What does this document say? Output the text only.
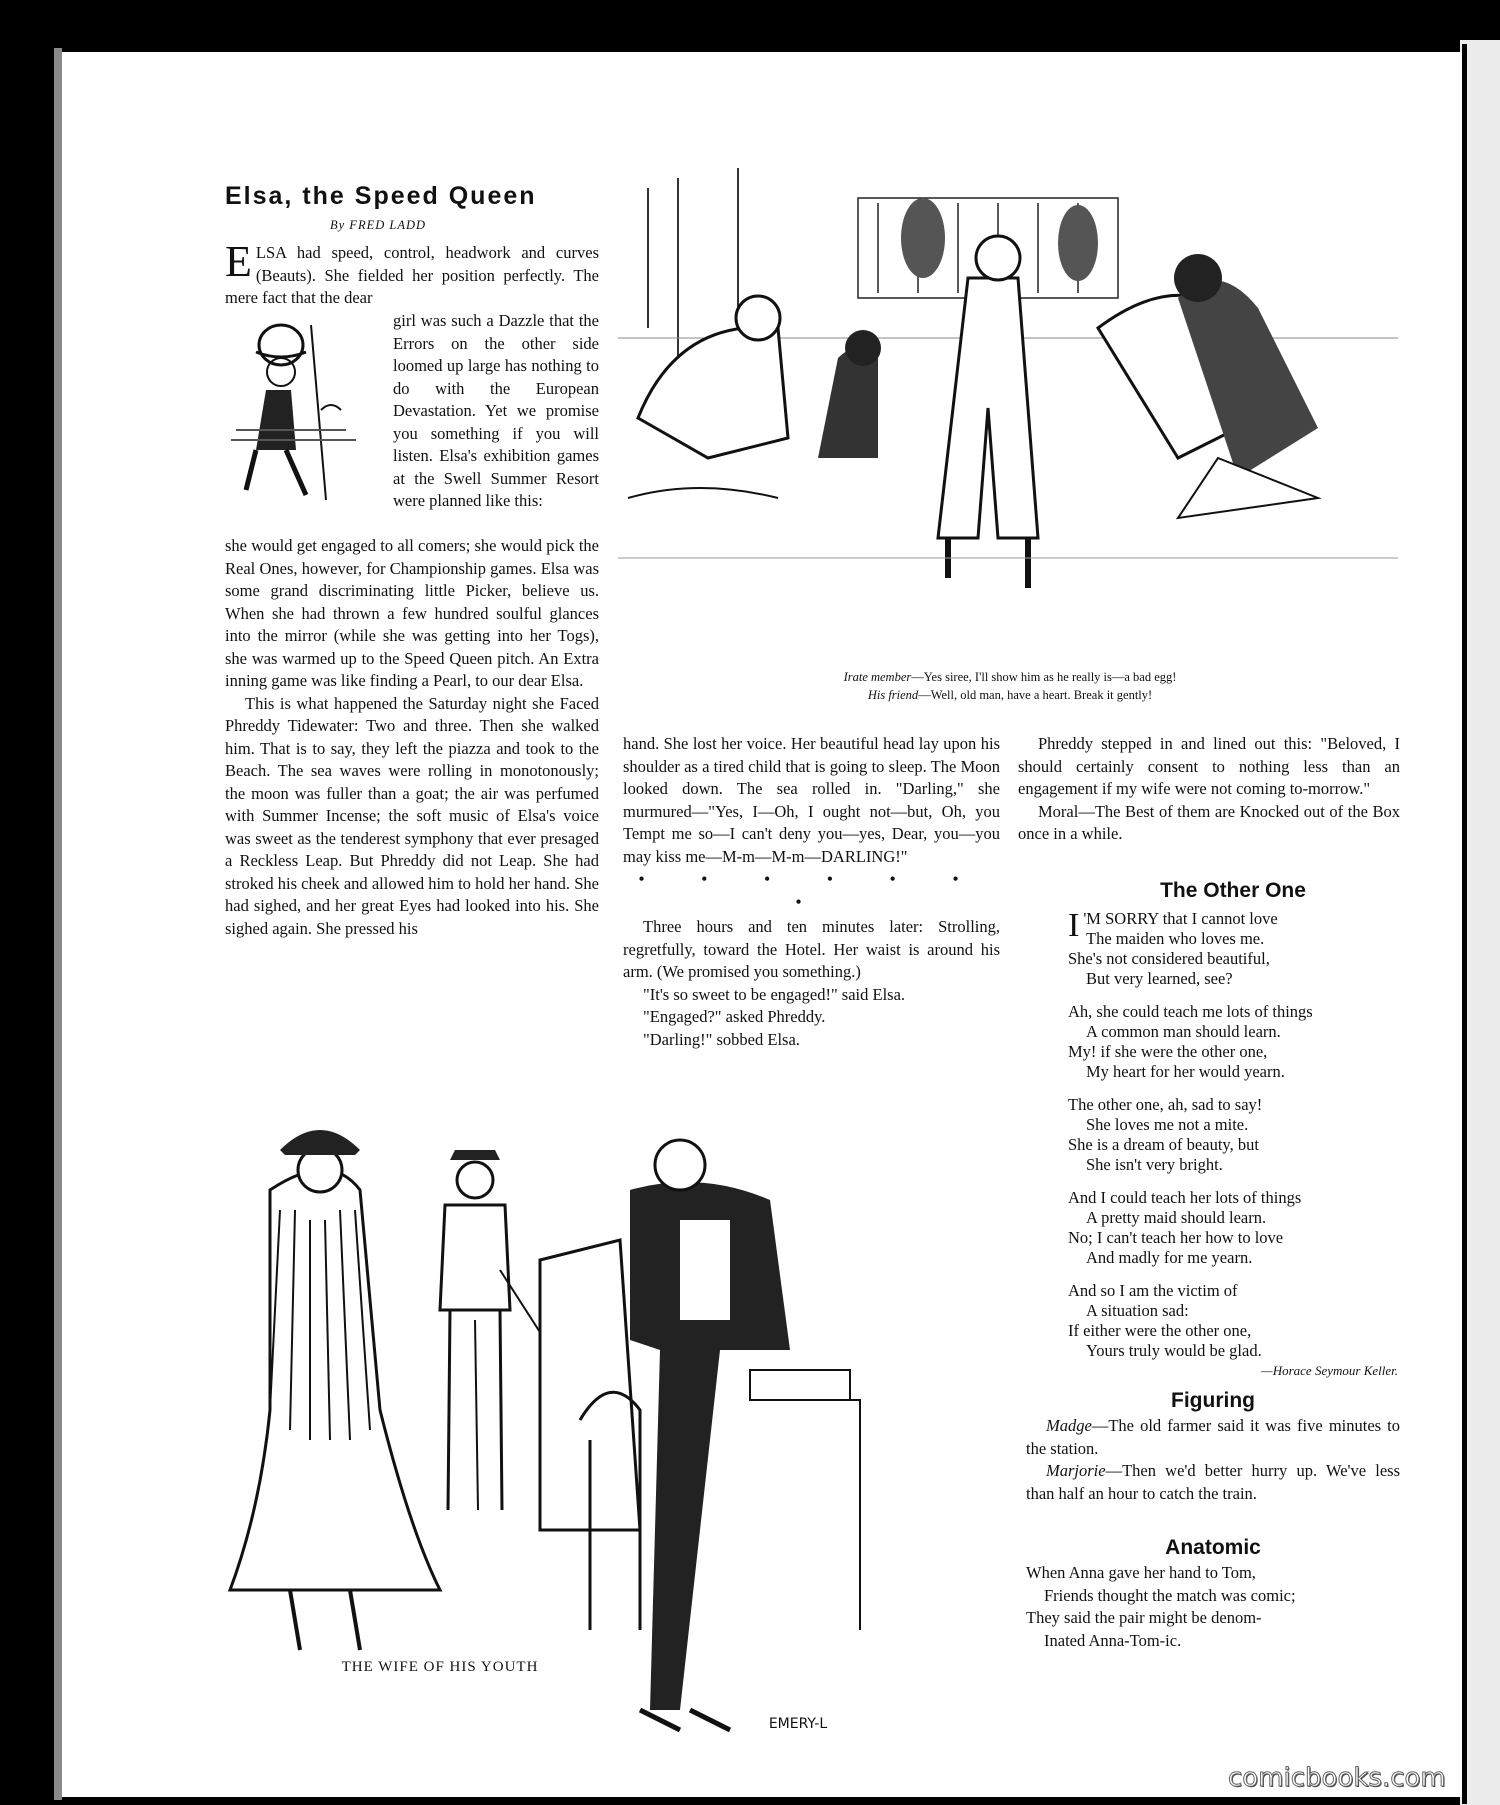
Elsa, the Speed Queen
By FRED LADD
E LSA had speed, control, headwork and curves (Beauts). She fielded her position perfectly. The mere fact that the dear

girl was such a Dazzle that the Errors on the other side loomed up large has nothing to do with the European Devastation. Yet we promise you something if you will listen. Elsa's exhibition games at the Swell Summer Resort were planned like this:

she would get engaged to all comers; she would pick the Real Ones, however, for Championship games. Elsa was some grand discriminating little Picker, believe us. When she had thrown a few hundred soulful glances into the mirror (while she was getting into her Togs), she was warmed up to the Speed Queen pitch. An Extra inning game was like finding a Pearl, to our dear Elsa.

This is what happened the Saturday night she Faced Phreddy Tidewater: Two and three. Then she walked him. That is to say, they left the piazza and took to the Beach. The sea waves were rolling in monotonously; the moon was fuller than a goat; the air was perfumed with Summer Incense; the soft music of Elsa's voice was sweet as the tenderest symphony that ever presaged a Reckless Leap. But Phreddy did not Leap. She had stroked his cheek and allowed him to hold her hand. She had sighed, and her great Eyes had looked into his. She sighed again. She pressed his

Irate member—Yes siree, I'll show him as he really is—a bad egg!
His friend—Well, old man, have a heart. Break it gently!

hand. She lost her voice. Her beautiful head lay upon his shoulder as a tired child that is going to sleep. The Moon looked down. The sea rolled in. "Darling," she murmured—"Yes, I—Oh, I ought not—but, Oh, you Tempt me so—I can't deny you—yes, Dear, you—you may kiss me—M-m—M-m—DARLING!"

• • • • • • •

Three hours and ten minutes later: Strolling, regretfully, toward the Hotel. Her waist is around his arm. (We promised you something.)

"It's so sweet to be engaged!" said Elsa.

"Engaged?" asked Phreddy.

"Darling!" sobbed Elsa.

Phreddy stepped in and lined out this: "Beloved, I should certainly consent to nothing less than an engagement if my wife were not coming to-morrow."

Moral—The Best of them are Knocked out of the Box once in a while.

The Other One
I 'M SORRY that I cannot love
The maiden who loves me.
She's not considered beautiful,
But very learned, see?
Ah, she could teach me lots of things
A common man should learn.
My! if she were the other one,
My heart for her would yearn.
The other one, ah, sad to say!
She loves me not a mite.
She is a dream of beauty, but
She isn't very bright.
And I could teach her lots of things
A pretty maid should learn.
No; I can't teach her how to love
And madly for me yearn.
And so I am the victim of
A situation sad:
If either were the other one,
Yours truly would be glad.
—Horace Seymour Keller.
Figuring

Madge—The old farmer said it was five minutes to the station.

Marjorie—Then we'd better hurry up. We've less than half an hour to catch the train.

Anatomic
When Anna gave her hand to Tom,
Friends thought the match was comic;
They said the pair might be denom-
Inated Anna-Tom-ic.
THE WIFE OF HIS YOUTH
EMERY-L
comicbooks.com
